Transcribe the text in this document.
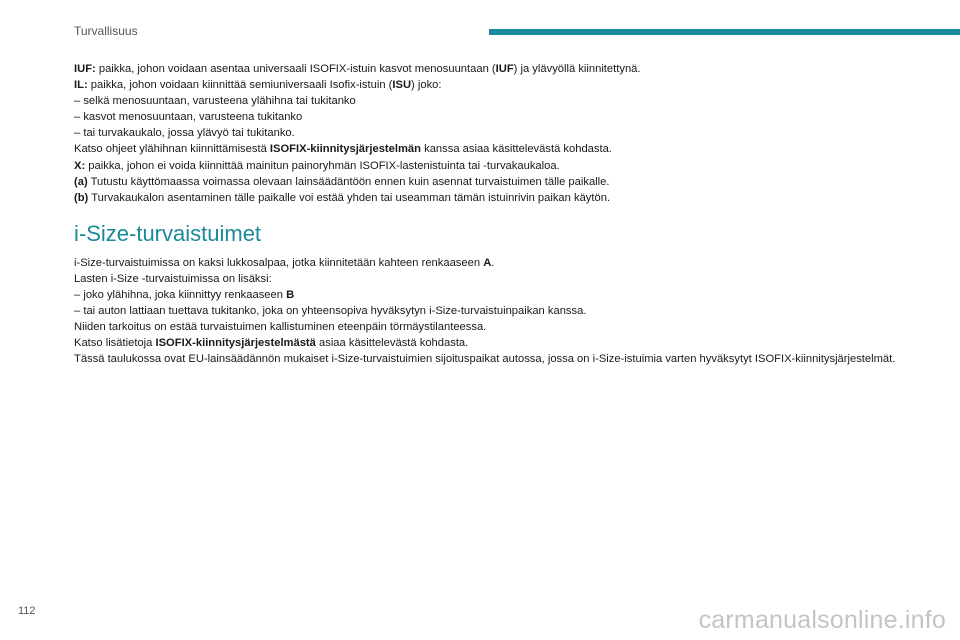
Turvallisuus

IUF: paikka, johon voidaan asentaa universaali ISOFIX-istuin kasvot menosuuntaan (IUF) ja ylävyöllä kiinnitettynä.

IL: paikka, johon voidaan kiinnittää semiuniversaali Isofix-istuin (ISU) joko:

– selkä menosuuntaan, varusteena ylähihna tai tukitanko

– kasvot menosuuntaan, varusteena tukitanko

– tai turvakaukalo, jossa ylävyö tai tukitanko.

Katso ohjeet ylähihnan kiinnittämisestä ISOFIX-kiinnitysjärjestelmän kanssa asiaa käsittelevästä kohdasta.

X: paikka, johon ei voida kiinnittää mainitun painoryhmän ISOFIX-lastenistuinta tai -turvakaukaloa.

(a) Tutustu käyttömaassa voimassa olevaan lainsäädäntöön ennen kuin asennat turvaistuimen tälle paikalle.

(b) Turvakaukalon asentaminen tälle paikalle voi estää yhden tai useamman tämän istuinrivin paikan käytön.

i-Size-turvaistuimet

i-Size-turvaistuimissa on kaksi lukkosalpaa, jotka kiinnitetään kahteen renkaaseen A.

Lasten i-Size -turvaistuimissa on lisäksi:

– joko ylähihna, joka kiinnittyy renkaaseen B

– tai auton lattiaan tuettava tukitanko, joka on yhteensopiva hyväksytyn i-Size-turvaistuinpaikan kanssa.

Niiden tarkoitus on estää turvaistuimen kallistuminen eteenpäin törmäystilanteessa.

Katso lisätietoja ISOFIX-kiinnitysjärjestelmästä asiaa käsittelevästä kohdasta.

Tässä taulukossa ovat EU-lainsäädännön mukaiset i-Size-turvaistuimien sijoituspaikat autossa, jossa on i-Size-istuimia varten hyväksytyt ISOFIX-kiinnitysjärjestelmät.

112	carmanualsonline.info
